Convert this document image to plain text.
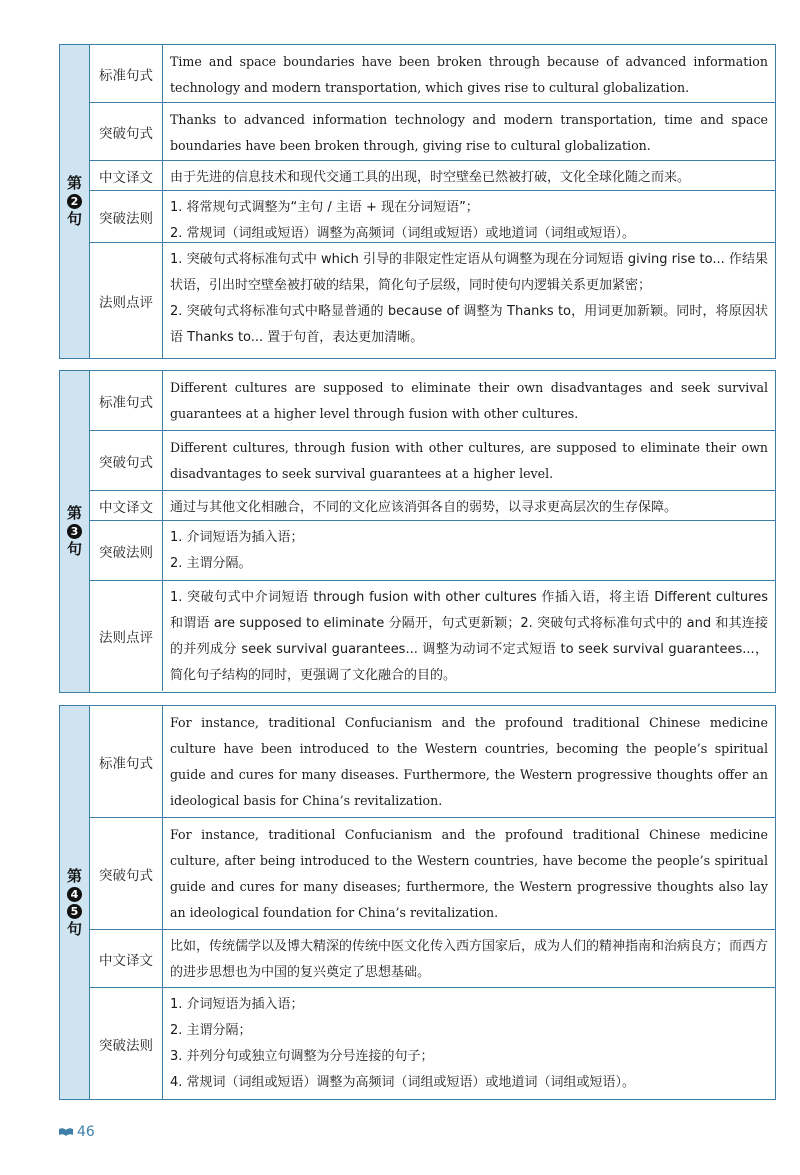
第
2
句
标准句式
Time and space boundaries have been broken through because of advanced information technology and modern transportation, which gives rise to cultural globalization.
突破句式
Thanks to advanced information technology and modern transportation, time and space boundaries have been broken through, giving rise to cultural globalization.
中文译文	由于先进的信息技术和现代交通工具的出现，时空壁垒已然被打破，文化全球化随之而来。
突破法则
1. 将常规句式调整为“主句 / 主语 + 现在分词短语”；
2. 常规词（词组或短语）调整为高频词（词组或短语）或地道词（词组或短语）。
法则点评
1. 突破句式将标准句式中 which 引导的非限定性定语从句调整为现在分词短语 giving rise to... 作结果状语，引出时空壁垒被打破的结果，简化句子层级，同时使句内逻辑关系更加紧密；
2. 突破句式将标准句式中略显普通的 because of 调整为 Thanks to，用词更加新颖。同时，将原因状语 Thanks to... 置于句首，表达更加清晰。
第
3
句
标准句式
Different cultures are supposed to eliminate their own disadvantages and seek survival guarantees at a higher level through fusion with other cultures.
突破句式
Different cultures, through fusion with other cultures, are supposed to eliminate their own disadvantages to seek survival guarantees at a higher level.
中文译文	通过与其他文化相融合，不同的文化应该消弭各自的弱势，以寻求更高层次的生存保障。
突破法则
1. 介词短语为插入语；
2. 主谓分隔。
法则点评
1. 突破句式中介词短语 through fusion with other cultures 作插入语，将主语 Different cultures 和谓语 are supposed to eliminate 分隔开，句式更新颖；2. 突破句式将标准句式中的 and 和其连接的并列成分 seek survival guarantees... 调整为动词不定式短语 to seek survival guarantees...，简化句子结构的同时，更强调了文化融合的目的。
第
4
5
句
标准句式
For instance, traditional Confucianism and the profound traditional Chinese medicine culture have been introduced to the Western countries, becoming the people’s spiritual guide and cures for many diseases. Furthermore, the Western progressive thoughts offer an ideological basis for China’s revitalization.
突破句式
For instance, traditional Confucianism and the profound traditional Chinese medicine culture, after being introduced to the Western countries, have become the people’s spiritual guide and cures for many diseases; furthermore, the Western progressive thoughts also lay an ideological foundation for China’s revitalization.
中文译文
比如，传统儒学以及博大精深的传统中医文化传入西方国家后，成为人们的精神指南和治病良方；而西方的进步思想也为中国的复兴奠定了思想基础。
突破法则
1. 介词短语为插入语；
2. 主谓分隔；
3. 并列分句或独立句调整为分号连接的句子；
4. 常规词（词组或短语）调整为高频词（词组或短语）或地道词（词组或短语）。
46
